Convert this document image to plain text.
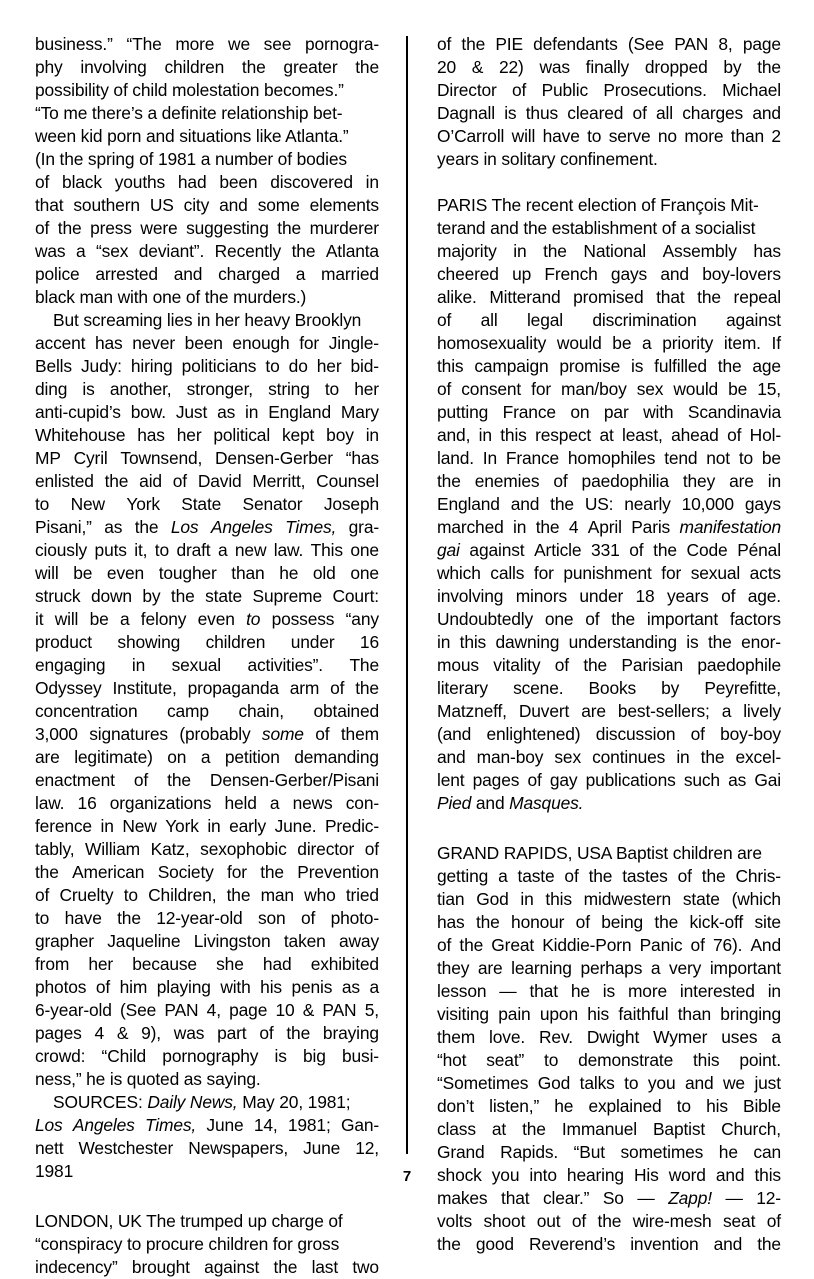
business.” “The more we see pornogra-
phy involving children the greater the
possibility of child molestation becomes.”
“To me there’s a definite relationship bet-
ween kid porn and situations like Atlanta.”
(In the spring of 1981 a number of bodies
of black youths had been discovered in
that southern US city and some elements
of the press were suggesting the murderer
was a “sex deviant”. Recently the Atlanta
police arrested and charged a married
black man with one of the murders.)
But screaming lies in her heavy Brooklyn
accent has never been enough for Jingle-
Bells Judy: hiring politicians to do her bid-
ding is another, stronger, string to her
anti-cupid’s bow. Just as in England Mary
Whitehouse has her political kept boy in
MP Cyril Townsend, Densen-Gerber “has
enlisted the aid of David Merritt, Counsel
to New York State Senator Joseph
Pisani,” as the Los Angeles Times, gra-
ciously puts it, to draft a new law. This one
will be even tougher than he old one
struck down by the state Supreme Court:
it will be a felony even to possess “any
product showing children under 16
engaging in sexual activities”. The
Odyssey Institute, propaganda arm of the
concentration camp chain, obtained
3,000 signatures (probably some of them
are legitimate) on a petition demanding
enactment of the Densen-Gerber/Pisani
law. 16 organizations held a news con-
ference in New York in early June. Predic-
tably, William Katz, sexophobic director of
the American Society for the Prevention
of Cruelty to Children, the man who tried
to have the 12-year-old son of photo-
grapher Jaqueline Livingston taken away
from her because she had exhibited
photos of him playing with his penis as a
6-year-old (See PAN 4, page 10 & PAN 5,
pages 4 & 9), was part of the braying
crowd: “Child pornography is big busi-
ness,” he is quoted as saying.
SOURCES:
Daily
News,
May 20, 1981;
Los Angeles Times, June 14, 1981; Gan-
nett Westchester Newspapers, June 12,
1981
LONDON, UK The trumped up charge of
“conspiracy to procure children for gross
indecency” brought against the last two
of the PIE defendants (See PAN 8, page
20 & 22) was finally dropped by the
Director of Public Prosecutions. Michael
Dagnall is thus cleared of all charges and
O’Carroll will have to serve no more than 2
years in solitary confinement.
PARIS The recent election of François Mit-
terand and the establishment of a socialist
majority in the National Assembly has
cheered up French gays and boy-lovers
alike. Mitterand promised that the repeal
of all legal discrimination against
homosexuality would be a priority item. If
this campaign promise is fulfilled the age
of consent for man/boy sex would be 15,
putting France on par with Scandinavia
and, in this respect at least, ahead of Hol-
land. In France homophiles tend not to be
the enemies of paedophilia they are in
England and the US: nearly 10,000 gays
marched in the 4 April Paris manifestation
gai against Article 331 of the Code Pénal
which calls for punishment for sexual acts
involving minors under 18 years of age.
Undoubtedly one of the important factors
in this dawning understanding is the enor-
mous vitality of the Parisian paedophile
literary scene. Books by Peyrefitte,
Matzneff, Duvert are best-sellers; a lively
(and enlightened) discussion of boy-boy
and man-boy sex continues in the excel-
lent pages of gay publications such as Gai
Pied and Masques.
GRAND RAPIDS, USA Baptist children are
getting a taste of the tastes of the Chris-
tian God in this midwestern state (which
has the honour of being the kick-off site
of the Great Kiddie-Porn Panic of 76). And
they are learning perhaps a very important
lesson — that he is more interested in
visiting pain upon his faithful than bringing
them love. Rev. Dwight Wymer uses a
“hot seat” to demonstrate this point.
“Sometimes God talks to you and we just
don’t listen,” he explained to his Bible
class at the Immanuel Baptist Church,
Grand Rapids. “But sometimes he can
shock you into hearing His word and this
makes that clear.” So — Zapp! — 12-
volts shoot out of the wire-mesh seat of
the good Reverend’s invention and the
7
